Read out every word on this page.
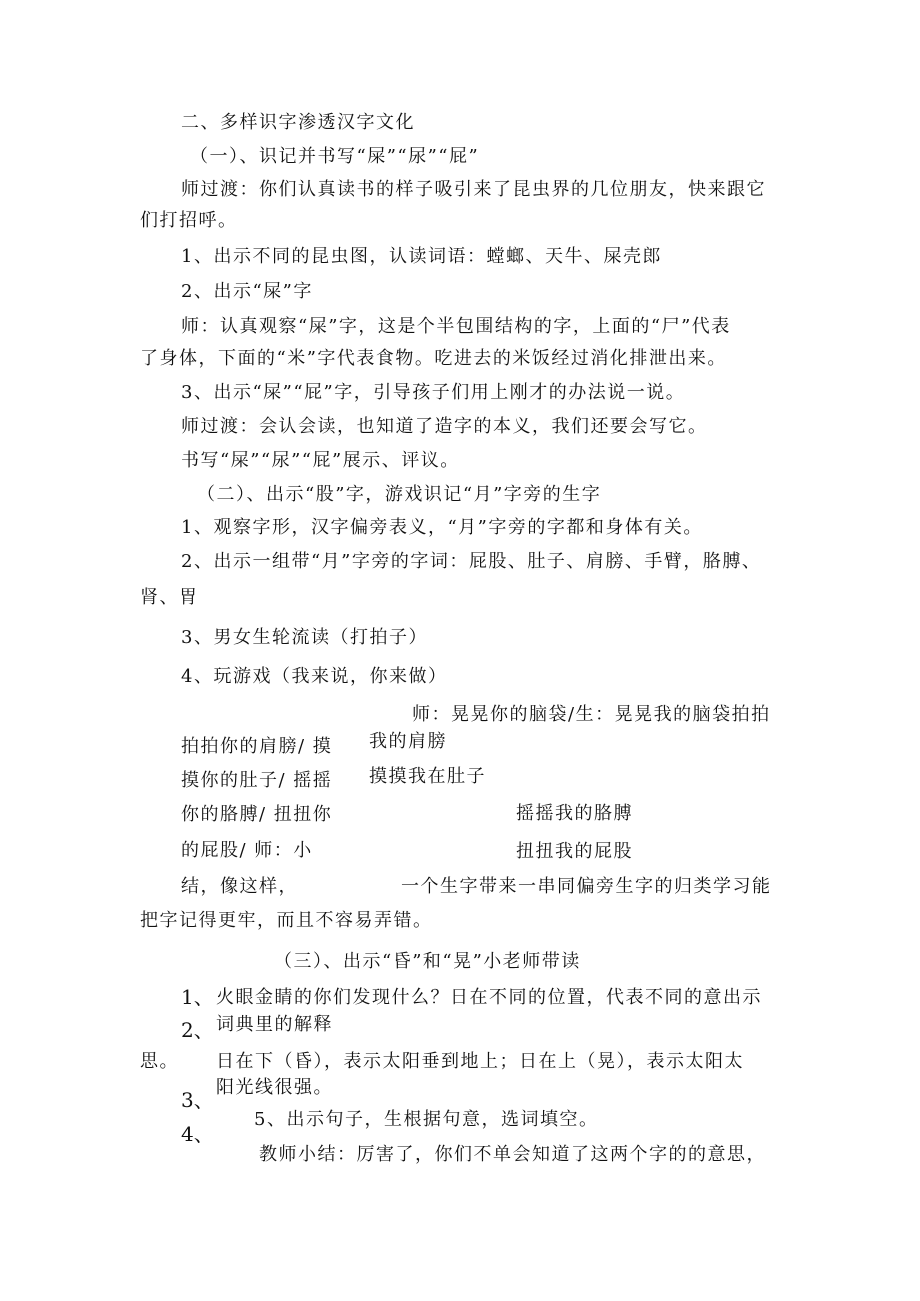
二、多样识字渗透汉字文化
（一）、识记并书写“屎”“尿”“屁”
师过渡：你们认真读书的样子吸引来了昆虫界的几位朋友，快来跟它
们打招呼。
1、出示不同的昆虫图，认读词语：螳螂、天牛、屎壳郎
2、出示“屎”字
师：认真观察“屎”字，这是个半包围结构的字，上面的“尸”代表
了身体，下面的“米”字代表食物。吃进去的米饭经过消化排泄出来。
3、出示“屎”“屁”字，引导孩子们用上刚才的办法说一说。
师过渡：会认会读，也知道了造字的本义，我们还要会写它。
书写“屎”“尿”“屁”展示、评议。
（二）、出示“股”字，游戏识记“月”字旁的生字
1、观察字形，汉字偏旁表义，“月”字旁的字都和身体有关。
2、出示一组带“月”字旁的字词：屁股、肚子、肩膀、手臂，胳膊、
肾、胃
3、男女生轮流读（打拍子）
4、玩游戏（我来说，你来做）
师：晃晃你的脑袋/生：晃晃我的脑袋拍拍
我的肩膀
摸摸我在肚子
摇摇我的胳膊
扭扭我的屁股
拍拍你的肩膀/ 摸
摸你的肚子/ 摇摇
你的胳膊/ 扭扭你
的屁股/ 师：小
结，像这样，	一个生字带来一串同偏旁生字的归类学习能
把字记得更牢，而且不容易弄错。
（三）、出示“昏”和“晃”小老师带读
1、 火眼金睛的你们发现什么？日在不同的位置，代表不同的意出示
2、 词典里的解释
思。 日在下（昏），表示太阳垂到地上；日在上（晃），表示太阳太
阳光线很强。
3、
4、
5、出示句子，生根据句意，选词填空。
教师小结：厉害了，你们不单会知道了这两个字的的意思，
